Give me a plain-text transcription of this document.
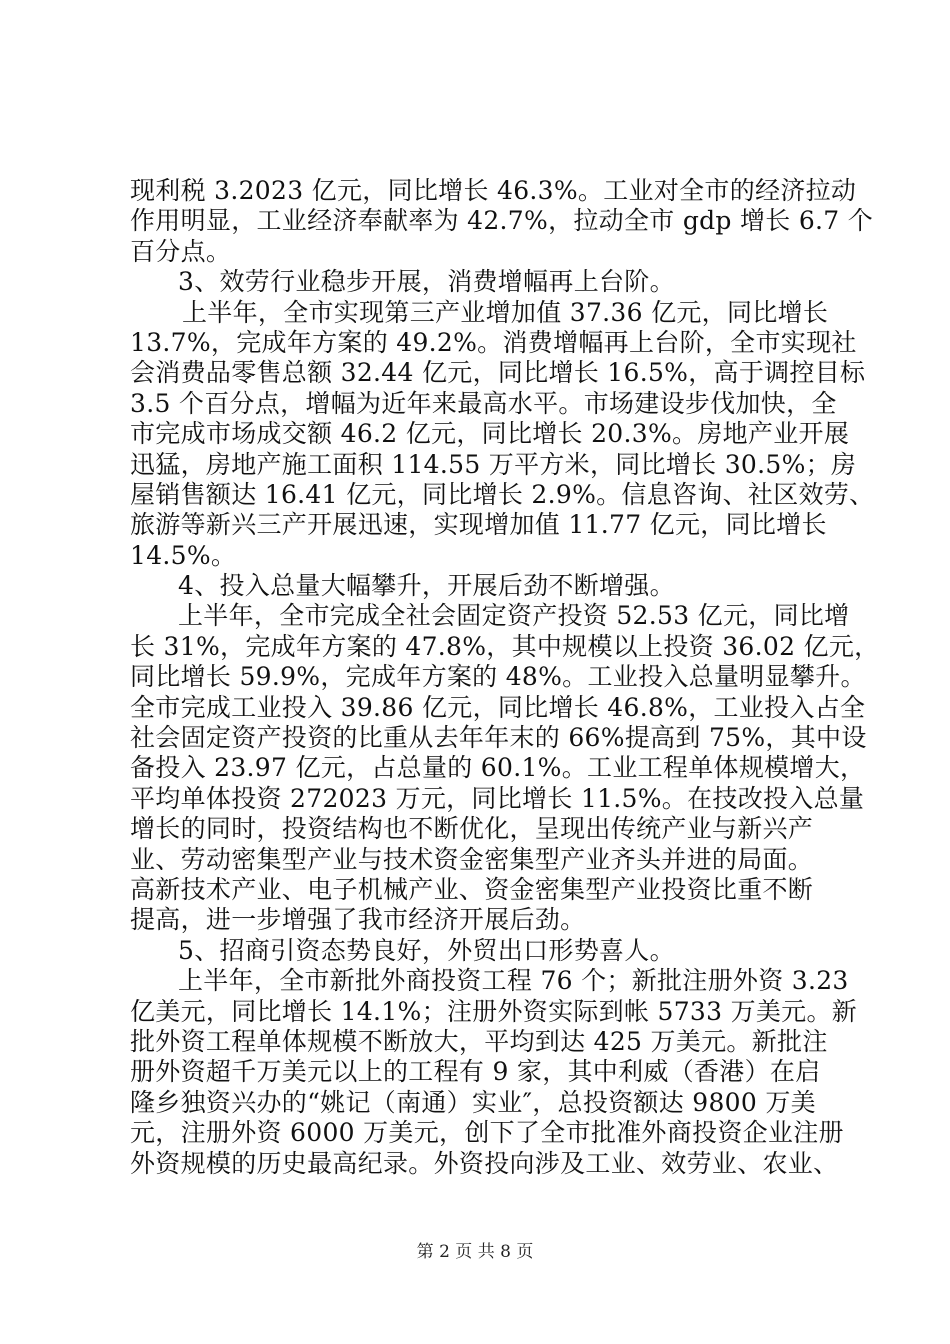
现利税 3.2023 亿元，同比增长 46.3%。工业对全市的经济拉动
作用明显，工业经济奉献率为 42.7%，拉动全市 gdp 增长 6.7 个
百分点。
3、效劳行业稳步开展，消费增幅再上台阶。
上半年，全市实现第三产业增加值 37.36 亿元，同比增长
13.7%，完成年方案的 49.2%。消费增幅再上台阶，全市实现社
会消费品零售总额 32.44 亿元，同比增长 16.5%，高于调控目标
3.5 个百分点，增幅为近年来最高水平。市场建设步伐加快，全
市完成市场成交额 46.2 亿元，同比增长 20.3%。房地产业开展
迅猛，房地产施工面积 114.55 万平方米，同比增长 30.5%；房
屋销售额达 16.41 亿元，同比增长 2.9%。信息咨询、社区效劳、
旅游等新兴三产开展迅速，实现增加值 11.77 亿元，同比增长
14.5%。
4、投入总量大幅攀升，开展后劲不断增强。
上半年，全市完成全社会固定资产投资 52.53 亿元，同比增
长 31%，完成年方案的 47.8%，其中规模以上投资 36.02 亿元，
同比增长 59.9%，完成年方案的 48%。工业投入总量明显攀升。
全市完成工业投入 39.86 亿元，同比增长 46.8%，工业投入占全
社会固定资产投资的比重从去年年末的 66%提高到 75%，其中设
备投入 23.97 亿元，占总量的 60.1%。工业工程单体规模增大，
平均单体投资 272023 万元，同比增长 11.5%。在技改投入总量
增长的同时，投资结构也不断优化，呈现出传统产业与新兴产
业、劳动密集型产业与技术资金密集型产业齐头并进的局面。
高新技术产业、电子机械产业、资金密集型产业投资比重不断
提高，进一步增强了我市经济开展后劲。
5、招商引资态势良好，外贸出口形势喜人。
上半年，全市新批外商投资工程 76 个；新批注册外资 3.23
亿美元，同比增长 14.1%；注册外资实际到帐 5733 万美元。新
批外资工程单体规模不断放大，平均到达 425 万美元。新批注
册外资超千万美元以上的工程有 9 家，其中利威（香港）在启
隆乡独资兴办的“姚记（南通）实业″，总投资额达 9800 万美
元，注册外资 6000 万美元，创下了全市批准外商投资企业注册
外资规模的历史最高纪录。外资投向涉及工业、效劳业、农业、
第 2 页 共 8 页
